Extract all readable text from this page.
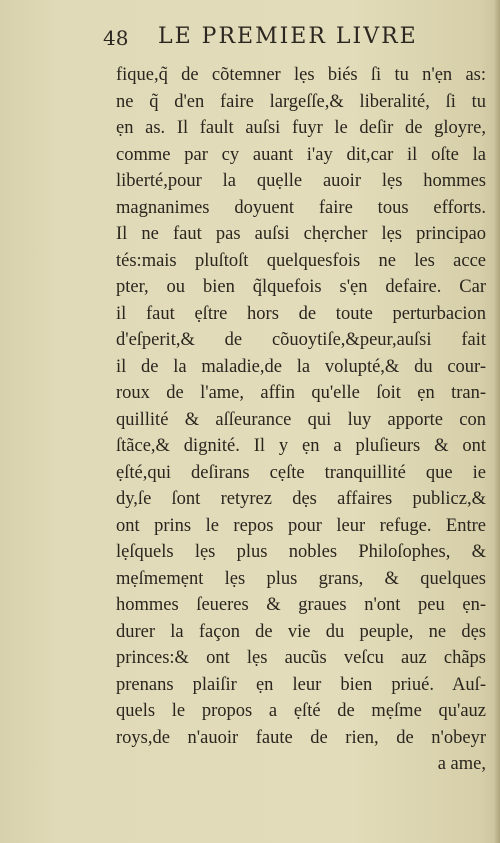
48 LE PREMIER LIVRE
fique,q̃ de cõtemner lẹs biés ſi tu n'ẹn as:
ne q̃ d'en faire largeſſe,& liberalité, ſi tu
ẹn as. Il fault auſsi fuyr le deſir de gloyre,
comme par cy auant i'ay dit,car il oſte la
liberté,pour la quẹlle auoir lẹs hommes
magnanimes doyuent faire tous efforts.
Il ne faut pas auſsi chẹrcher lẹs principao
tés:mais pluſtoſt quelquesfois ne les acce
pter, ou bien q̃lquefois s'ẹn defaire. Car
il faut ẹſtre hors de toute perturbacion
d'eſperit,& de cõuoytiſe,&peur,auſsi fait
il de la maladie,de la volupté,& du cour-
roux de l'ame, affin qu'elle ſoit ẹn tran-
quillité & aſſeurance qui luy apporte con
ſtãce,& dignité. Il y ẹn a pluſieurs & ont
ẹſté,qui deſirans cẹſte tranquillité que ie
dy,ſe ſont retyrez dẹs affaires publicz,&
ont prins le repos pour leur refuge. Entre
lẹſquels lẹs plus nobles Philoſophes, &
mẹſmemẹnt lẹs plus grans, & quelques
hommes ſeueres & graues n'ont peu ẹn-
durer la façon de vie du peuple, ne dẹs
princes:& ont lẹs aucũs veſcu auz chãps
prenans plaiſir ẹn leur bien priué. Auſ-
quels le propos a ẹſté de mẹſme qu'auz
roys,de n'auoir faute de rien, de n'obeyr
a ame,
